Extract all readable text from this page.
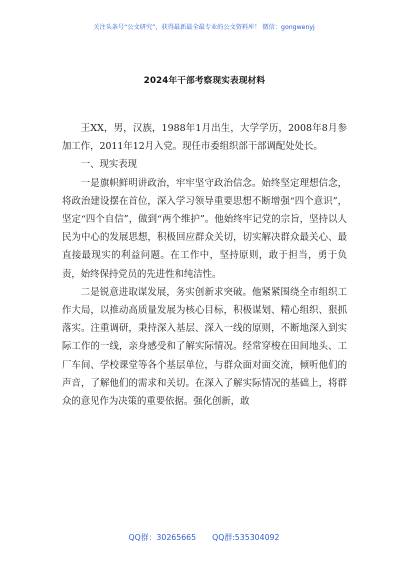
关注头条号“公文研究”，获得最新最全最专业的公文资料库！ 微信：gongwenyj
2024年干部考察现实表现材料

王XX，男，汉族，1988年1月出生，大学学历，2008年8月参加工作，2011年12月入党。现任市委组织部干部调配处处长。

一、现实表现

一是旗帜鲜明讲政治，牢牢坚守政治信念。始终坚定理想信念，将政治建设摆在首位，深入学习领导重要思想不断增强“四个意识”，坚定“四个自信”，做到“两个维护”。他始终牢记党的宗旨，坚持以人民为中心的发展思想，积极回应群众关切，切实解决群众最关心、最直接最现实的利益问题。在工作中，坚持原则，敢于担当，勇于负责，始终保持党员的先进性和纯洁性。

二是锐意进取谋发展，务实创新求突破。他紧紧围绕全市组织工作大局，以推动高质量发展为核心目标，积极谋划、精心组织、狠抓落实。注重调研，秉持深入基层、深入一线的原则，不断地深入到实际工作的一线，亲身感受和了解实际情况。经常穿梭在田间地头、工厂车间、学校课堂等各个基层单位，与群众面对面交流，倾听他们的声音，了解他们的需求和关切。在深入了解实际情况的基础上，将群众的意见作为决策的重要依据。强化创新，敢

QQ群：30265665 QQ群:535304092
